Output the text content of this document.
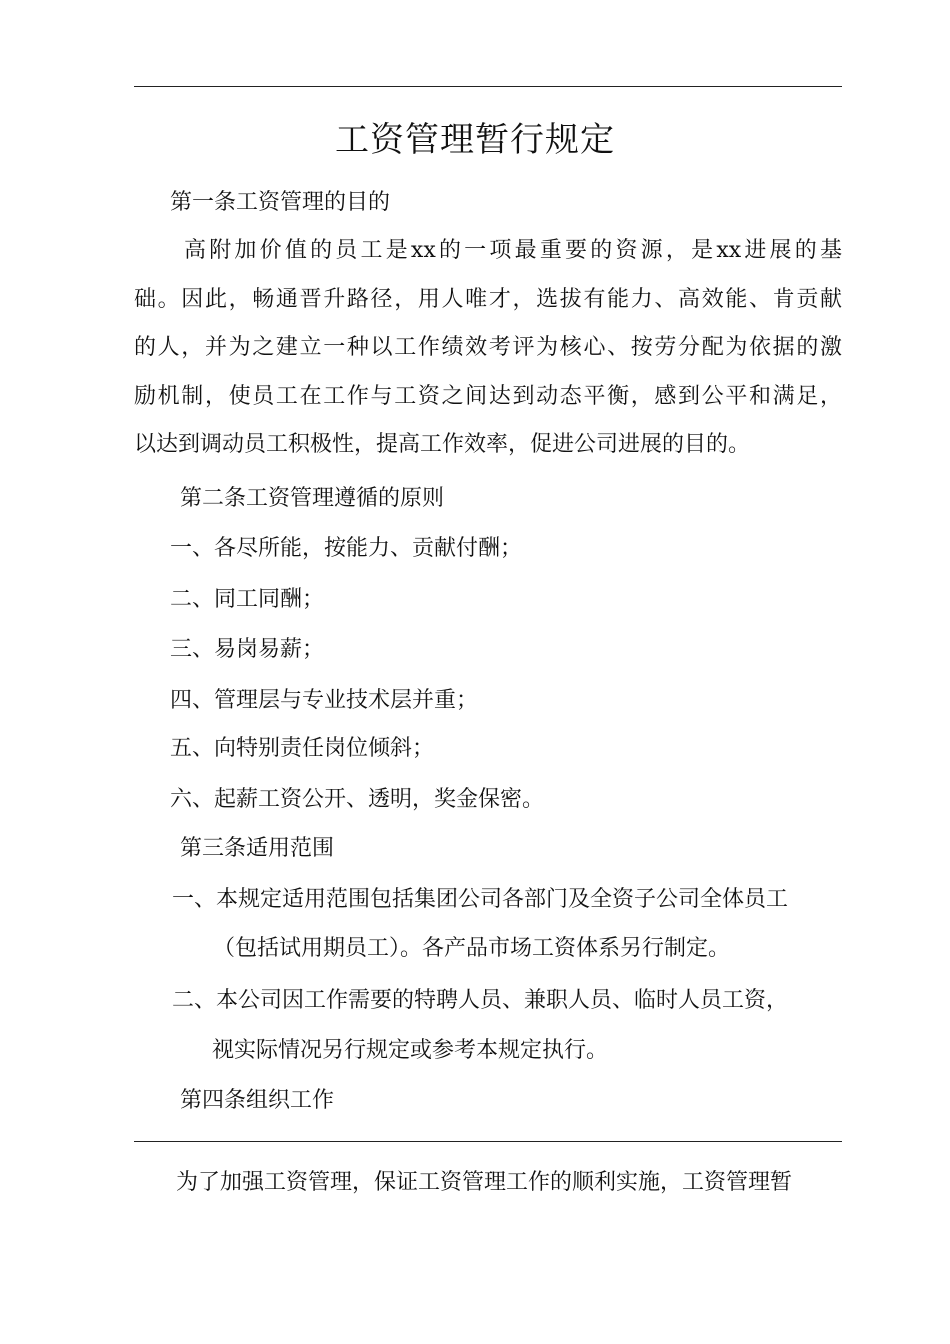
工资管理暂行规定
第一条工资管理的目的
高附加价值的员工是xx的一项最重要的资源，是xx进展的基
础。因此，畅通晋升路径，用人唯才，选拔有能力、高效能、肯贡献
的人，并为之建立一种以工作绩效考评为核心、按劳分配为依据的激
励机制，使员工在工作与工资之间达到动态平衡，感到公平和满足，
以达到调动员工积极性，提高工作效率，促进公司进展的目的。
第二条工资管理遵循的原则
一、各尽所能，按能力、贡献付酬；
二、同工同酬；
三、易岗易薪；
四、管理层与专业技术层并重；
五、向特别责任岗位倾斜；
六、起薪工资公开、透明，奖金保密。
第三条适用范围
一、本规定适用范围包括集团公司各部门及全资子公司全体员工
（包括试用期员工）。各产品市场工资体系另行制定。
二、本公司因工作需要的特聘人员、兼职人员、临时人员工资，
视实际情况另行规定或参考本规定执行。
第四条组织工作
为了加强工资管理，保证工资管理工作的顺利实施，工资管理暂
